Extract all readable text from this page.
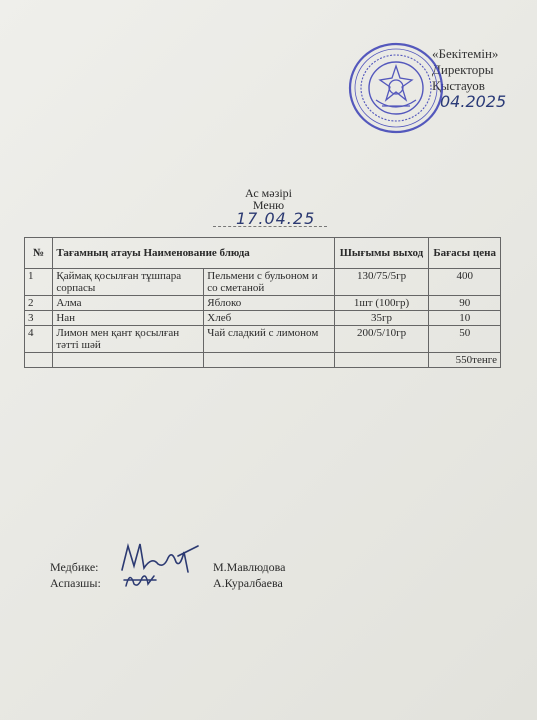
«Бекітемін»
Директоры
Қыстауов
04.2025
Ас мәзірі
Меню
17.04.25
№	Тағамның атауы Наименование блюда		Шығымы выход	Бағасы цена
1	Қаймақ қосылған тұшпара сорпасы	Пельмени с бульоном и со сметаной	130/75/5гр	400
2	Алма	Яблоко	1шт (100гр)	90
3	Нан	Хлеб	35гр	10
4	Лимон мен қант қосылған тәтті шәй	Чай сладкий с лимоном	200/5/10гр	50
				550тенге
Медбике:	М.Мавлюдова
Аспазшы:	А.Куралбаева
